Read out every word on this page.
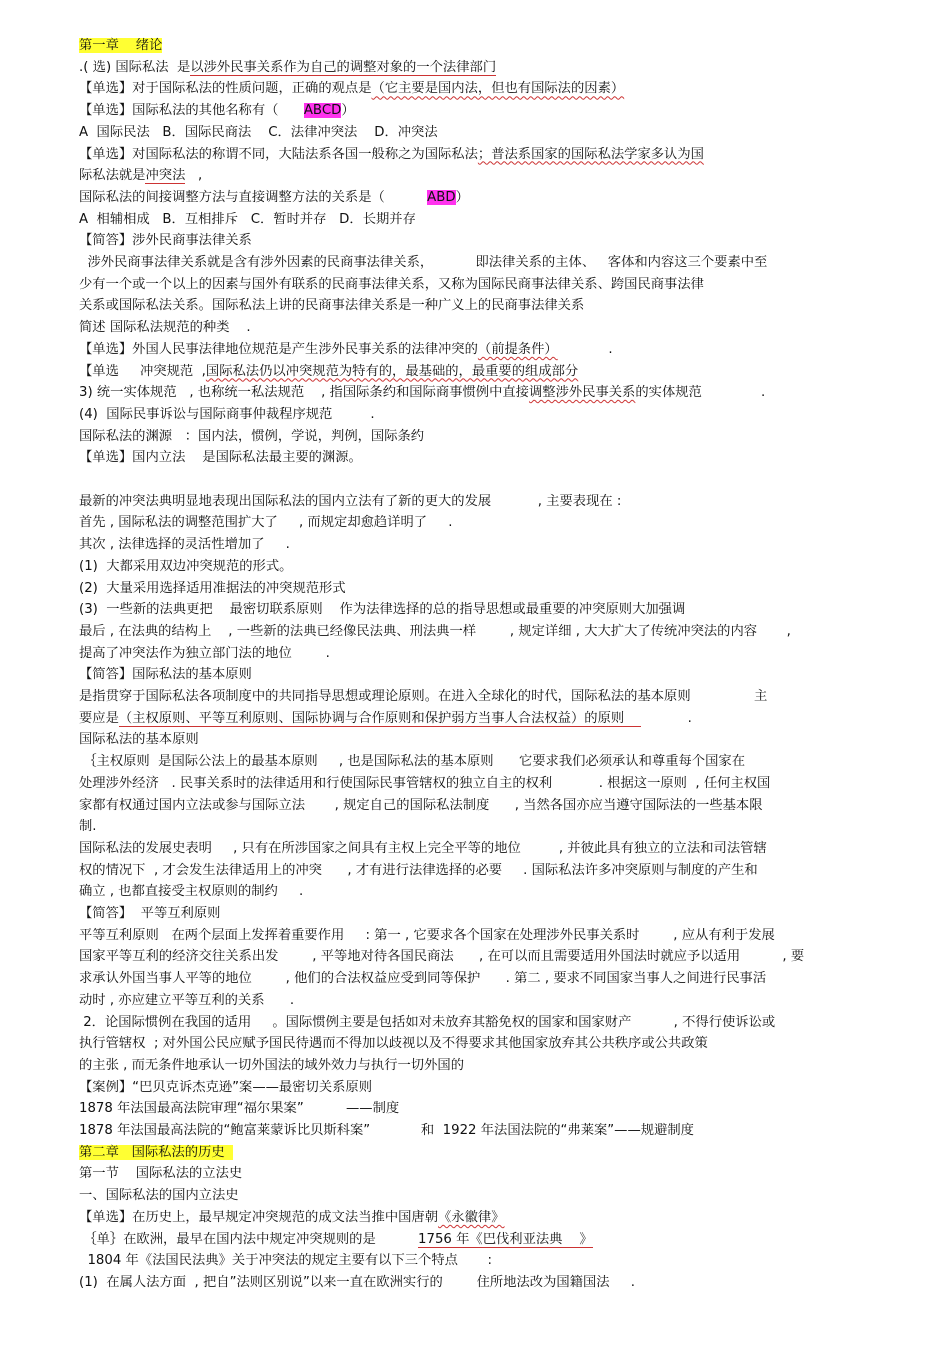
第一章    绪论
.( 选) 国际私法  是以涉外民事关系作为自己的调整对象的一个法律部门
【单选】对于国际私法的性质问题，正确的观点是（它主要是国内法，但也有国际法的因素）
【单选】国际私法的其他名称有（      ABCD）
A  国际民法   B．国际民商法    C．法律冲突法    D．冲突法
【单选】对国际私法的称谓不同，大陆法系各国一般称之为国际私法；普法系国家的国际私法学家多认为国
际私法就是冲突法   ,
国际私法的间接调整方法与直接调整方法的关系是（          ABD）
A  相辅相成   B．互相排斥   C．暂时并存   D．长期并存
【简答】涉外民商事法律关系
涉外民商事法律关系就是含有涉外因素的民商事法律关系，          即法律关系的主体、   客体和内容这三个要素中至
少有一个或一个以上的因素与国外有联系的民商事法律关系，又称为国际民商事法律关系、跨国民商事法律
关系或国际私法关系。国际私法上讲的民商事法律关系是一种广义上的民商事法律关系
简述 国际私法规范的种类    .
【单选】外国人民事法律地位规范是产生涉外民事关系的法律冲突的（前提条件）            .
【单选     冲突规范  ,国际私法仍以冲突规范为特有的，最基础的，最重要的组成部分
3) 统一实体规范   , 也称统一私法规范    , 指国际条约和国际商事惯例中直接调整涉外民事关系的实体规范              .
(4)  国际民事诉讼与国际商事仲裁程序规范         .
国际私法的渊源   ：国内法，惯例，学说，判例，国际条约
【单选】国内立法    是国际私法最主要的渊源。
最新的冲突法典明显地表现出国际私法的国内立法有了新的更大的发展           , 主要表现在 :
首先 , 国际私法的调整范围扩大了     , 而规定却愈趋详明了     .
其次 , 法律选择的灵活性增加了     .
(1)  大都采用双边冲突规范的形式。
(2)  大量采用选择适用准据法的冲突规范形式
(3)  一些新的法典更把    最密切联系原则    作为法律选择的总的指导思想或最重要的冲突原则大加强调
最后 , 在法典的结构上    , 一些新的法典已经像民法典、刑法典一样        , 规定详细 , 大大扩大了传统冲突法的内容       ,
提高了冲突法作为独立部门法的地位        .
【简答】国际私法的基本原则
是指贯穿于国际私法各项制度中的共同指导思想或理论原则。在进入全球化的时代，国际私法的基本原则               主
要应是（主权原则、平等互利原则、国际协调与合作原则和保护弱方当事人合法权益）的原则               .
国际私法的基本原则
｛主权原则  是国际公法上的最基本原则     , 也是国际私法的基本原则      它要求我们必须承认和尊重每个国家在
处理涉外经济   . 民事关系时的法律适用和行使国际民事管辖权的独立自主的权利           . 根据这一原则  , 任何主权国
家都有权通过国内立法或参与国际立法       , 规定自己的国际私法制度      , 当然各国亦应当遵守国际法的一些基本限
制.
国际私法的发展史表明     , 只有在所涉国家之间具有主权上完全平等的地位         , 并彼此具有独立的立法和司法管辖
权的情况下  , 才会发生法律适用上的冲突      , 才有进行法律选择的必要     . 国际私法许多冲突原则与制度的产生和
确立 , 也都直接受主权原则的制约     .
【简答】  平等互利原则
平等互利原则   在两个层面上发挥着重要作用     : 第一 , 它要求各个国家在处理涉外民事关系时        , 应从有利于发展
国家平等互利的经济交往关系出发        , 平等地对待各国民商法      , 在可以而且需要适用外国法时就应予以适用          , 要
求承认外国当事人平等的地位        , 他们的合法权益应受到同等保护      . 第二 , 要求不同国家当事人之间进行民事活
动时 , 亦应建立平等互利的关系      .
2．论国际惯例在我国的适用     。国际惯例主要是包括如对未放弃其豁免权的国家和国家财产          , 不得行使诉讼或
执行管辖权  ; 对外国公民应赋予国民待遇而不得加以歧视以及不得要求其他国家放弃其公共秩序或公共政策
的主张 , 而无条件地承认一切外国法的域外效力与执行一切外国的
【案例】“巴贝克诉杰克逊”案——最密切关系原则
1878 年法国最高法院审理“福尔果案”          ——制度
1878 年法国最高法院的“鲍富莱蒙诉比贝斯科案”            和  1922 年法国法院的“弗莱案”——规避制度
第二章   国际私法的历史
第一节    国际私法的立法史
一、国际私法的国内立法史
【单选】在历史上，最早规定冲突规范的成文法当推中国唐朝《永徽律》
｛单｝在欧洲，最早在国内法中规定冲突规则的是          1756 年《巴伐利亚法典    》
1804 年《法国民法典》关于冲突法的规定主要有以下三个特点       :
(1)  在属人法方面  , 把自”法则区别说”以来一直在欧洲实行的        住所地法改为国籍国法     .
